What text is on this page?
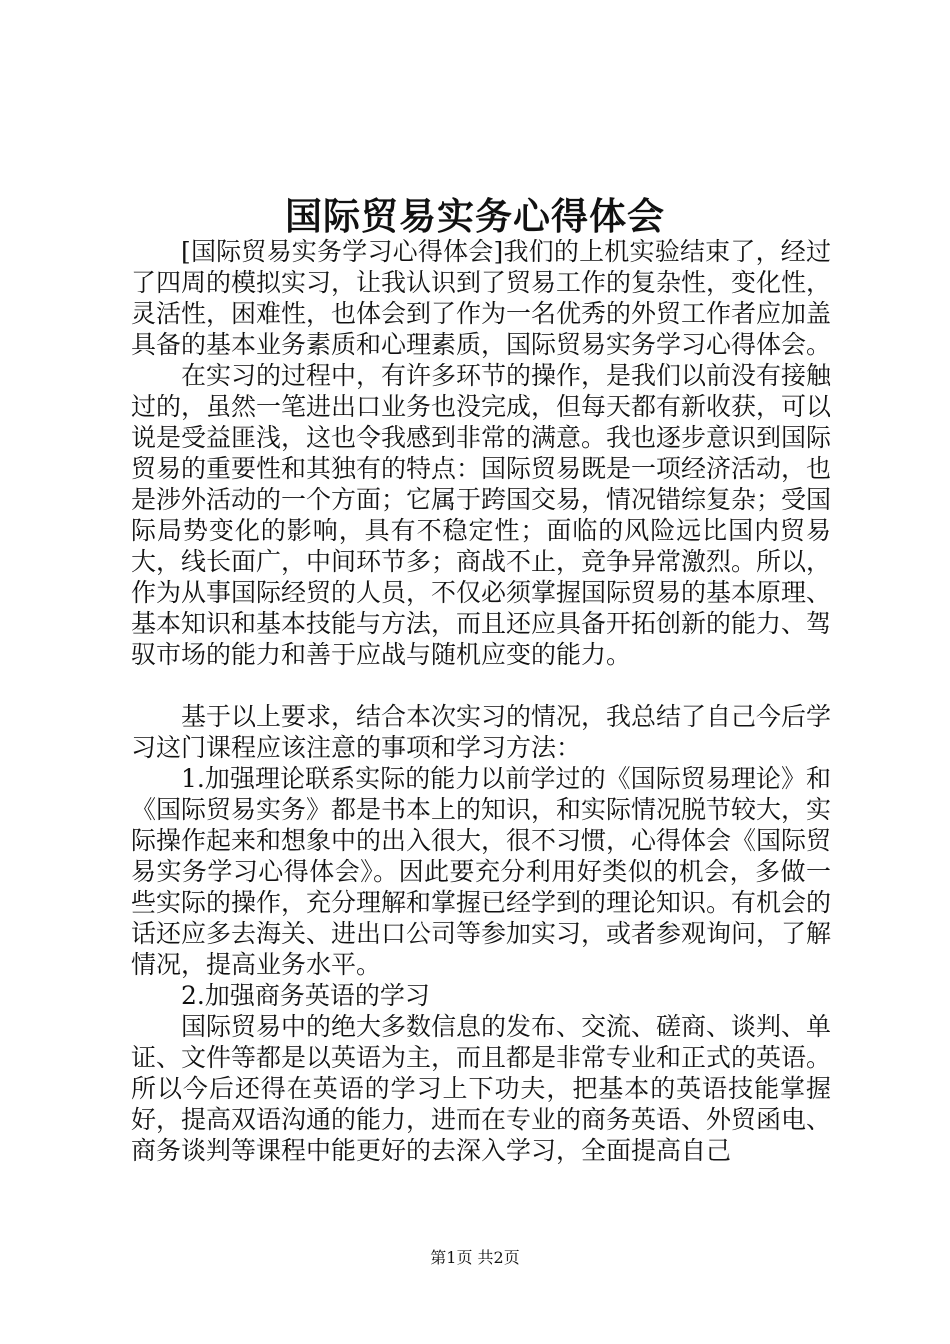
国际贸易实务心得体会

[国际贸易实务学习心得体会]我们的上机实验结束了，经过了四周的模拟实习，让我认识到了贸易工作的复杂性，变化性，灵活性，困难性，也体会到了作为一名优秀的外贸工作者应加盖具备的基本业务素质和心理素质，国际贸易实务学习心得体会。

在实习的过程中，有许多环节的操作，是我们以前没有接触过的，虽然一笔进出口业务也没完成，但每天都有新收获，可以说是受益匪浅，这也令我感到非常的满意。我也逐步意识到国际贸易的重要性和其独有的特点：国际贸易既是一项经济活动，也是涉外活动的一个方面；它属于跨国交易，情况错综复杂；受国际局势变化的影响，具有不稳定性；面临的风险远比国内贸易大，线长面广，中间环节多；商战不止，竞争异常激烈。所以，作为从事国际经贸的人员，不仅必须掌握国际贸易的基本原理、基本知识和基本技能与方法，而且还应具备开拓创新的能力、驾驭市场的能力和善于应战与随机应变的能力。

基于以上要求，结合本次实习的情况，我总结了自己今后学习这门课程应该注意的事项和学习方法：

1.加强理论联系实际的能力以前学过的《国际贸易理论》和《国际贸易实务》都是书本上的知识，和实际情况脱节较大，实际操作起来和想象中的出入很大，很不习惯，心得体会《国际贸易实务学习心得体会》。因此要充分利用好类似的机会，多做一些实际的操作，充分理解和掌握已经学到的理论知识。有机会的话还应多去海关、进出口公司等参加实习，或者参观询问，了解情况，提高业务水平。

2.加强商务英语的学习

国际贸易中的绝大多数信息的发布、交流、磋商、谈判、单证、文件等都是以英语为主，而且都是非常专业和正式的英语。所以今后还得在英语的学习上下功夫，把基本的英语技能掌握好，提高双语沟通的能力，进而在专业的商务英语、外贸函电、商务谈判等课程中能更好的去深入学习，全面提高自己

第1页 共2页
